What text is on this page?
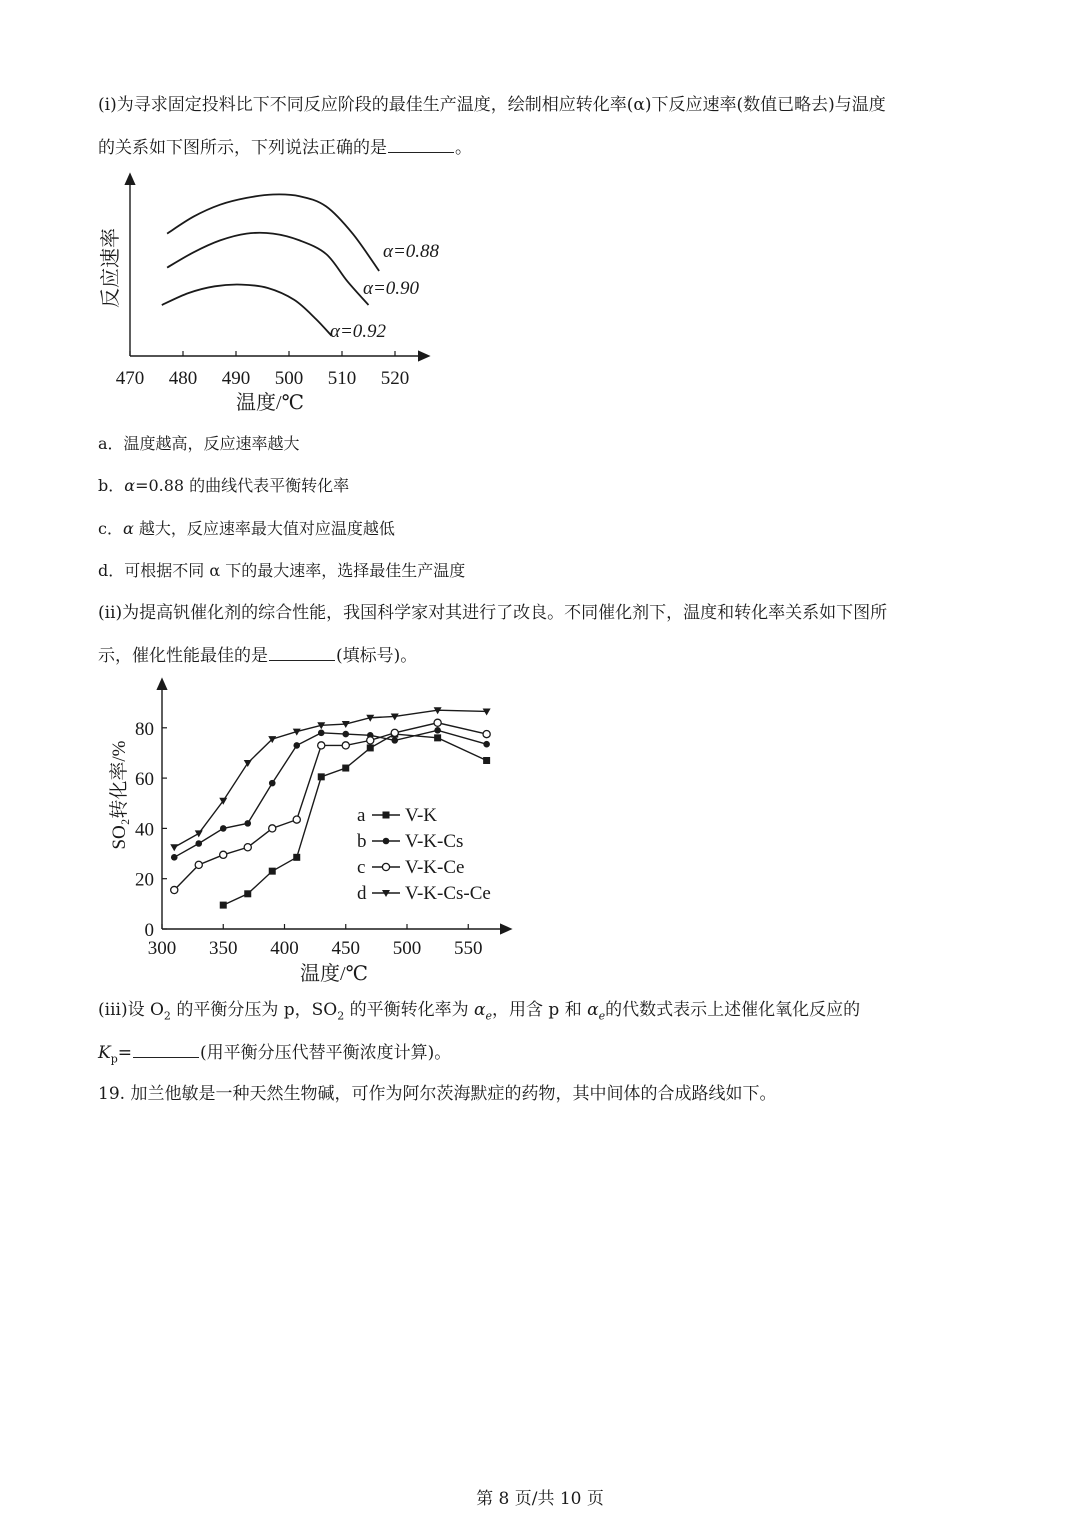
(ⅰ)为寻求固定投料比下不同反应阶段的最佳生产温度，绘制相应转化率(α)下反应速率(数值已略去)与温度
的关系如下图所示，下列说法正确的是	。
470 480 490 500 510 520
α=0.88
α=0.90
α=0.92
反应速率
温度/℃
a．温度越高，反应速率越大
b．α=0.88 的曲线代表平衡转化率
c．α 越大，反应速率最大值对应温度越低
d．可根据不同 α 下的最大速率，选择最佳生产温度
(ⅱ)为提高钒催化剂的综合性能，我国科学家对其进行了改良。不同催化剂下，温度和转化率关系如下图所
示，催化性能最佳的是	(填标号)。
300 350 400 450 500 550
0
20
40
60
80
a V-K
b V-K-Cs
c V-K-Ce
d V-K-Cs-Ce
SO₂转化率/%
温度/℃
(ⅲ)设 $O_2$ 的平衡分压为 p，$SO_2$ 的平衡转化率为 $\alpha_e$，用含 p 和 $\alpha_e$的代数式表示上述催化氧化反应的
$K_p=$	(用平衡分压代替平衡浓度计算)。
19. 加兰他敏是一种天然生物碱，可作为阿尔茨海默症的药物，其中间体的合成路线如下。
第 8 页/共 10 页
